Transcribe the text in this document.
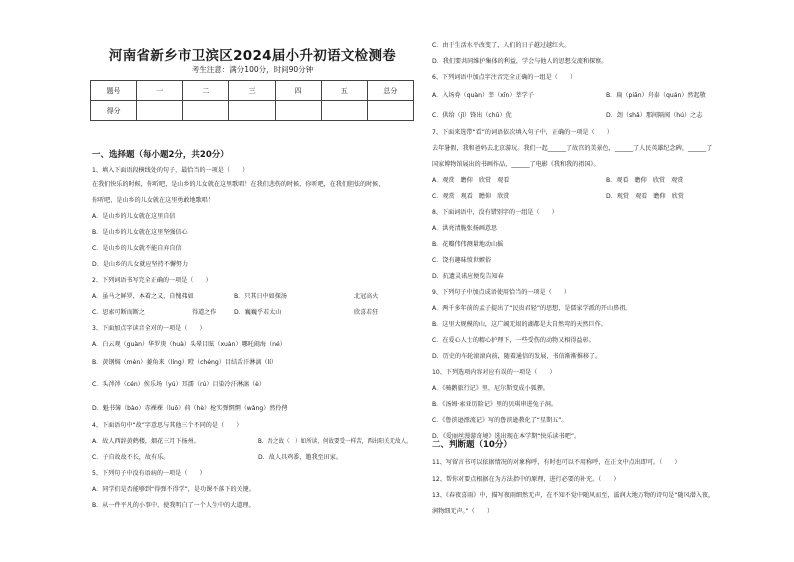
河南省新乡市卫滨区2024届小升初语文检测卷
考生注意：满分100分，时间90分钟
题号	一	二	三	四	五	总分
得分						
一、选择题（每小题2分，共20分）
1、填入下面语段横线处的句子，最恰当的一项是（　　）
在我们快乐的时候，你听吧，是山乡的儿女就在这里歌唱！在我们悲伤的时候，你听吧，在我们胆怯的时候，
你听吧，是山乡的儿女就在这里勇敢地歌唱！
A．是山乡的儿女就在这里自信
B．是山乡的儿女就在这里坚强信心
C．是山乡的儿女就不能自弃自信
D．是山乡的儿女就应坚持不懈努力
2、下列词语书写完全正确的一项是（　　）
A．虽马之鲜罗，本着之义，自愧弗如	B．只其日中如探汤	北冠高火
C．思索可断而断之	得道之作	D．巍巍乎若太山	欣喜若狂
3、下面加点字读音全对的一项是（　　）
A．白云观（guàn）华罗庚（huà）头晕目眩（xuàn）哪吒闹海（né）
B．黄钢焖（mèn）萎角来（líng）瞪（chéng）目结舌汗淋漓（lí）
C．头涔涔（cén）俟乐场（yú）耳濡（rú）目染冷汗淋漓（è）
D．魁书簿（bào）赤裸裸（luǒ）荷（hè）枪实弹惘惘（wǎng）然伶俜
4、下面语句中“故”字意思与其他三个不同的是（　　）
A．故人西辞黄鹤楼，烟花三月下扬州。	B．吾之故（　）如所读，何故要受一样苦，西出阳关无故人。
C．子自故故不长，故有乐。	D．故人具鸡黍，邀我至田家。
5、下列句子中没有语病的一项是（　　）
A．同学们是否能够到“得弹不得学”，是功课不落下的关键。
B．从一件平凡的小事中，使我明白了一个人生中的大道理。
C．由于生活水平改变了，人们的日子越过越红火。
D．我们要共同维护集体的利益，学会与他人的思想交流和探察。
6、下列词语中加点字注音完全正确的一组是（　　）
A．入场券（quàn）莘（xīn）莘学子	B．扁（piān）舟泰（quán）然起敬
C．供给（jǐ）锋出（chū）优	D．刽（shǎ）那间隔阂（hú）之志
7、下面来选带“看”的词语依次填入句子中，正确的一项是（　　）
去年暑假，我和爸妈去北京游玩。我们一起______了故宫的美景色，______了人民英雄纪念碑，______了
国家博物馆展出的书画作品，______了电影《我和我的祖国》。
A．观赏　瞻仰　欣赏　观看	B．观看　瞻仰　欣赏　观赏
C．观赏　观看　瞻仰　欣赏	D．观赏　观看　瞻仰　欣赏
8、下面词语中，没有错别字的一组是（　　）
A．洪亮清脆张扬画意思
B．花瓣伟伟测量地动山摇
C．饶有趣味愤世嫉俗
D．抗遗灵诺应便览告知春
9、下列句子中加点成语使用恰当的一项是（　　）
A．两千多年前的孟子提出了“民贵君轻”的思想，是儒家学派的开山鼻祖。
B．这里大规模的山，这广阔无垠的湖都是大自然弯的天然巨作。
C．在爱心人士的精心护理下，一些受伤的动物又相得益彰。
D．历史的车轮滚滚向前，随着通信的发展，书信渐渐推移了。
10、下列选项内容对应有误的一项是（　　）
A．《骑鹅旅行记》里，尼尔斯变成小狐狸。
B．《汤姆·索亚历险记》里的贝琪串进兔子洞。
C．《鲁滨逊漂流记》写的鲁滨逊教化了“星期五”。
D．《爱丽丝漫游奇境》选出现在本学期“快乐读书吧”。
二、判断题（10分）
11、写留言书可以依据情况的对象称呼，有时也可以不用称呼，在正文中点出即可。（　　）
12、帮你对要点根据在为方法指中的原理，进行必要的补充。（　　）
13、《春夜喜雨》中，描写夜雨细然无声，在不知不觉中随风而至，滋润大地万物的诗句是“随风潜入夜，
润物细无声。”（　　）
